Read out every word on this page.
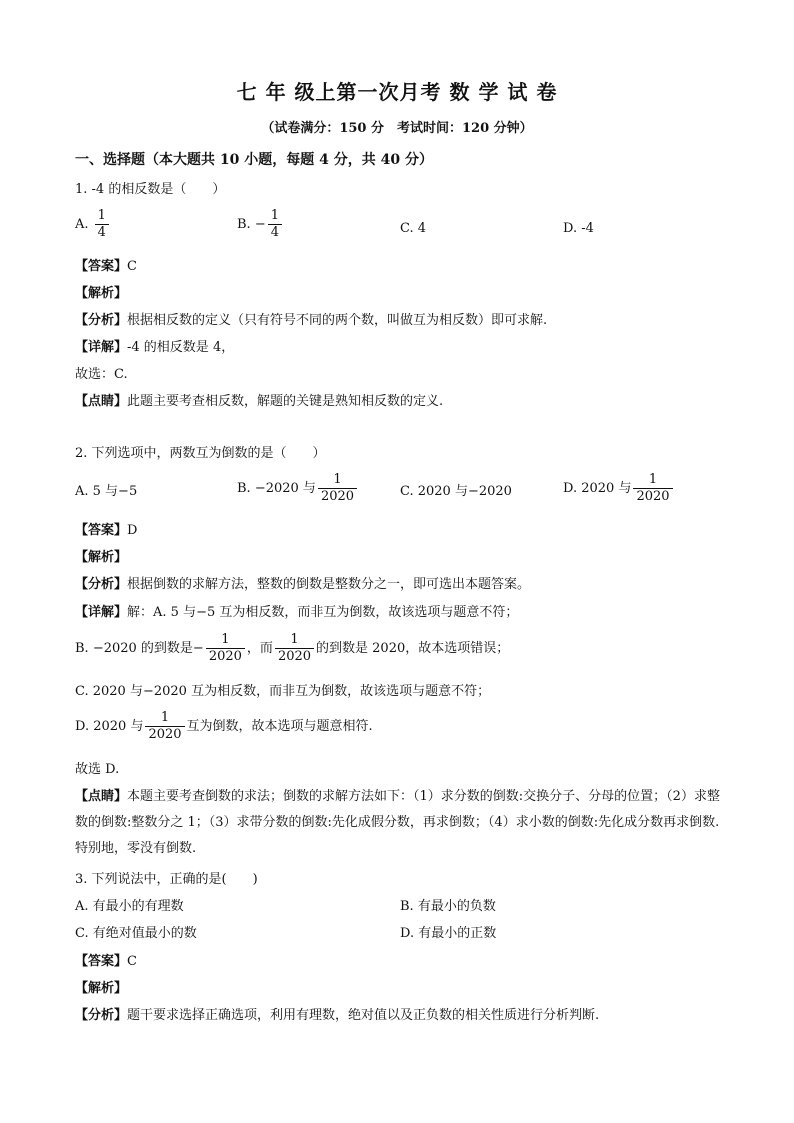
七 年 级上第一次月考 数 学 试 卷
（试卷满分：150 分　考试时间：120 分钟）
一、选择题（本大题共 10 小题，每题 4 分，共 40 分）
1. -4 的相反数是（　　）
A. $\frac{1}{4}$	B. − $\frac{1}{4}$	C. 4	D. -4
【答案】C
【解析】
【分析】根据相反数的定义（只有符号不同的两个数，叫做互为相反数）即可求解.
【详解】-4 的相反数是 4，
故选：C.
【点睛】此题主要考查相反数，解题的关键是熟知相反数的定义.
2. 下列选项中，两数互为倒数的是（　　）
A. 5 与−5	B. −2020 与 $\frac{1}{2020}$	C. 2020 与−2020	D. 2020 与 $\frac{1}{2020}$
【答案】D
【解析】
【分析】根据倒数的求解方法，整数的倒数是整数分之一，即可选出本题答案。
【详解】解：A. 5 与−5 互为相反数，而非互为倒数，故该选项与题意不符；
B. −2020 的到数是− $\frac{1}{2020}$ ，而 $\frac{1}{2020}$ 的到数是 2020，故本选项错误；
C. 2020 与−2020 互为相反数，而非互为倒数，故该选项与题意不符；
D. 2020 与 $\frac{1}{2020}$ 互为倒数，故本选项与题意相符.
故选 D.
【点睛】本题主要考查倒数的求法；倒数的求解方法如下：（1）求分数的倒数:交换分子、分母的位置；（2）求整数的倒数:整数分之 1；（3）求带分数的倒数:先化成假分数，再求倒数；（4）求小数的倒数:先化成分数再求倒数. 特别地，零没有倒数.
3. 下列说法中，正确的是(　　)
A. 有最小的有理数	B. 有最小的负数
C. 有绝对值最小的数	D. 有最小的正数
【答案】C
【解析】
【分析】题干要求选择正确选项，利用有理数，绝对值以及正负数的相关性质进行分析判断.
